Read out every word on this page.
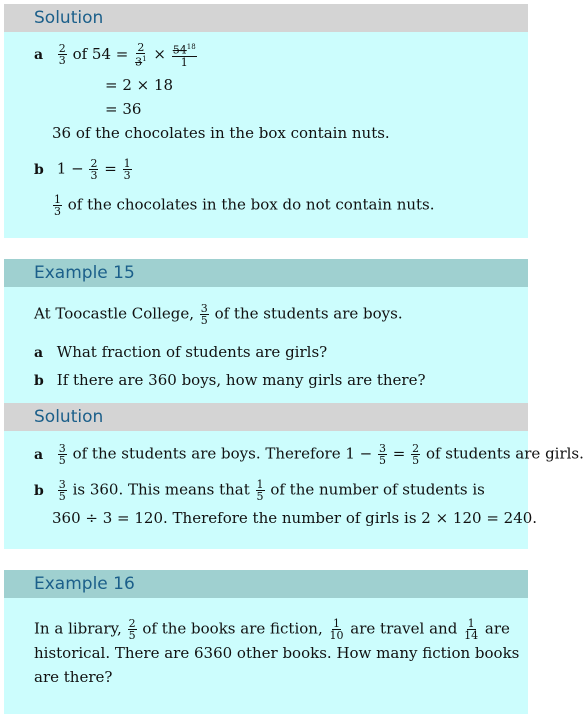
Solution
a $\frac{2}{3}$ of $54 = \frac{2}{3^1} \times \frac{54^{18}}{1}$
= 2 × 18
= 36
36 of the chocolates in the box contain nuts.
b $1 - \frac{2}{3} = \frac{1}{3}$
$\frac{1}{3}$ of the chocolates in the box do not contain nuts.
Example 15
At Toocastle College, $\frac{3}{5}$ of the students are boys.
a What fraction of students are girls?
b If there are 360 boys, how many girls are there?
Solution
a $\frac{3}{5}$ of the students are boys. Therefore $1 - \frac{3}{5} = \frac{2}{5}$ of students are girls.
b $\frac{3}{5}$ is 360. This means that $\frac{1}{5}$ of the number of students is
360 ÷ 3 = 120. Therefore the number of girls is 2 × 120 = 240.
Example 16
In a library, $\frac{2}{5}$ of the books are fiction, $\frac{1}{10}$ are travel and $\frac{1}{14}$ are
historical. There are 6360 other books. How many fiction books
are there?
